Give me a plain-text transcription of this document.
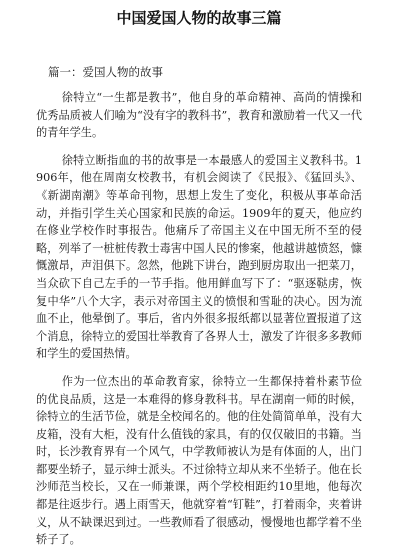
中国爱国人物的故事三篇
篇一：爱国人物的故事

徐特立“一生都是教书”，他自身的革命精神、高尚的情操和优秀品质被人们喻为“没有字的教科书”，教育和激励着一代又一代的青年学生。

徐特立断指血的书的故事是一本最感人的爱国主义教科书。1906年，他在周南女校教书，有机会阅读了《民报》、《猛回头》、《新湖南潮》等革命刊物，思想上发生了变化，积极从事革命活动，并指引学生关心国家和民族的命运。1909年的夏天，他应约在修业学校作时事报告。他痛斥了帝国主义在中国无所不至的侵略，列举了一桩桩传教士毒害中国人民的惨案，他越讲越愤怒，慷慨激昂，声泪俱下。忽然，他跳下讲台，跑到厨房取出一把菜刀，当众砍下自己左手的一节手指。他用鲜血写下了：“驱逐鞑虏，恢复中华”八个大字，表示对帝国主义的愤恨和雪耻的决心。因为流血不止，他晕倒了。事后，省内外很多报纸都以显著位置报道了这个消息，徐特立的爱国壮举教育了各界人士，激发了许很多多教师和学生的爱国热情。

作为一位杰出的革命教育家，徐特立一生都保持着朴素节俭的优良品质，这是一本难得的修身教科书。早在湖南一师的时候，徐特立的生活节俭，就是全校闻名的。他的住处简简单单，没有大皮箱，没有大柜，没有什么值钱的家具，有的仅仅破旧的书籍。当时，长沙教育界有一个风气，中学教师被认为是有体面的人，出门都要坐轿子，显示绅士派头。不过徐特立却从来不坐轿子。他在长沙师范当校长，又在一师兼课，两个学校相距约10里地，他每次都是往返步行。遇上雨雪天，他就穿着“钉鞋”，打着雨伞，夹着讲义，从不缺课迟到过。一些教师看了很感动，慢慢地也都学着不坐轿子了。
